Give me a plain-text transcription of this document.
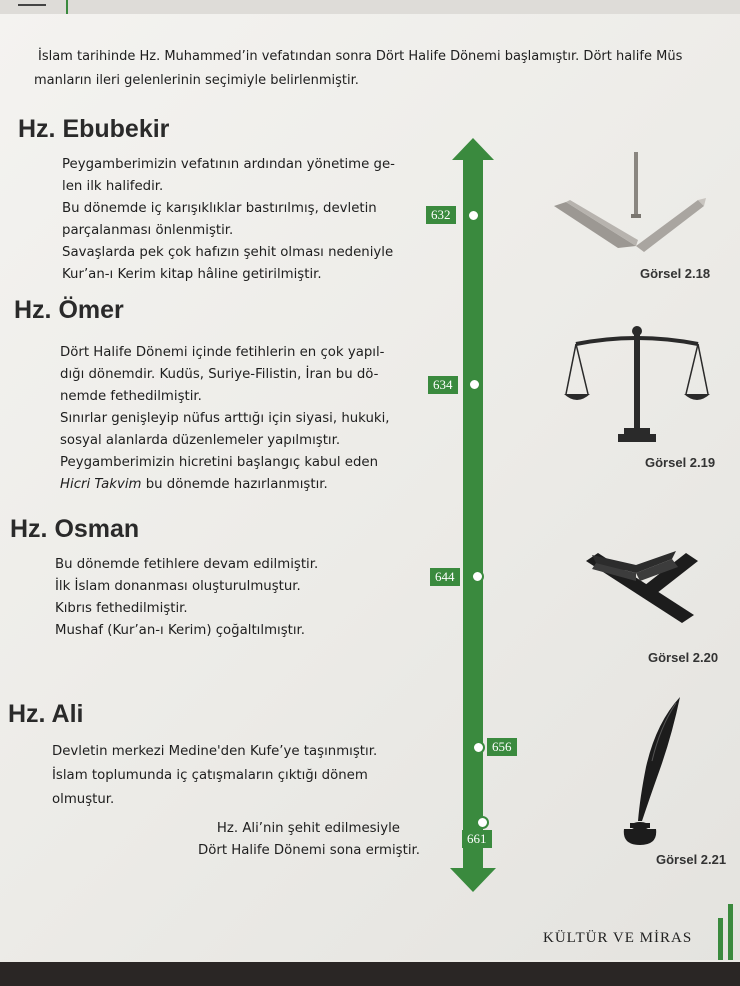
İslam tarihinde Hz. Muhammed’in vefatından sonra Dört Halife Dönemi başlamıştır. Dört halife Müs
manların ileri gelenlerinin seçimiyle belirlenmiştir.
632
634
644
656
661
Hz. Ebubekir
Peygamberimizin vefatının ardından yönetime ge-
len ilk halifedir.
Bu dönemde iç karışıklıklar bastırılmış, devletin
parçalanması önlenmiştir.
Savaşlarda pek çok hafızın şehit olması nedeniyle
Kur’an-ı Kerim kitap hâline getirilmiştir.
Hz. Ömer
Dört Halife Dönemi içinde fetihlerin en çok yapıl-
dığı dönemdir. Kudüs, Suriye-Filistin, İran bu dö-
nemde fethedilmiştir.
Sınırlar genişleyip nüfus arttığı için siyasi, hukuki,
sosyal alanlarda düzenlemeler yapılmıştır.
Peygamberimizin hicretini başlangıç kabul eden
Hicri Takvim bu dönemde hazırlanmıştır.
Hz. Osman
Bu dönemde fetihlere devam edilmiştir.
İlk İslam donanması oluşturulmuştur.
Kıbrıs fethedilmiştir.
Mushaf (Kur’an-ı Kerim) çoğaltılmıştır.
Hz. Ali
Devletin merkezi Medine'den Kufe’ye taşınmıştır.
İslam toplumunda iç çatışmaların çıktığı dönem
olmuştur.
Hz. Ali’nin şehit edilmesiyle
Dört Halife Dönemi sona ermiştir.
Görsel 2.18
Görsel 2.19
Görsel 2.20
Görsel 2.21
KÜLTÜR VE MİRAS
